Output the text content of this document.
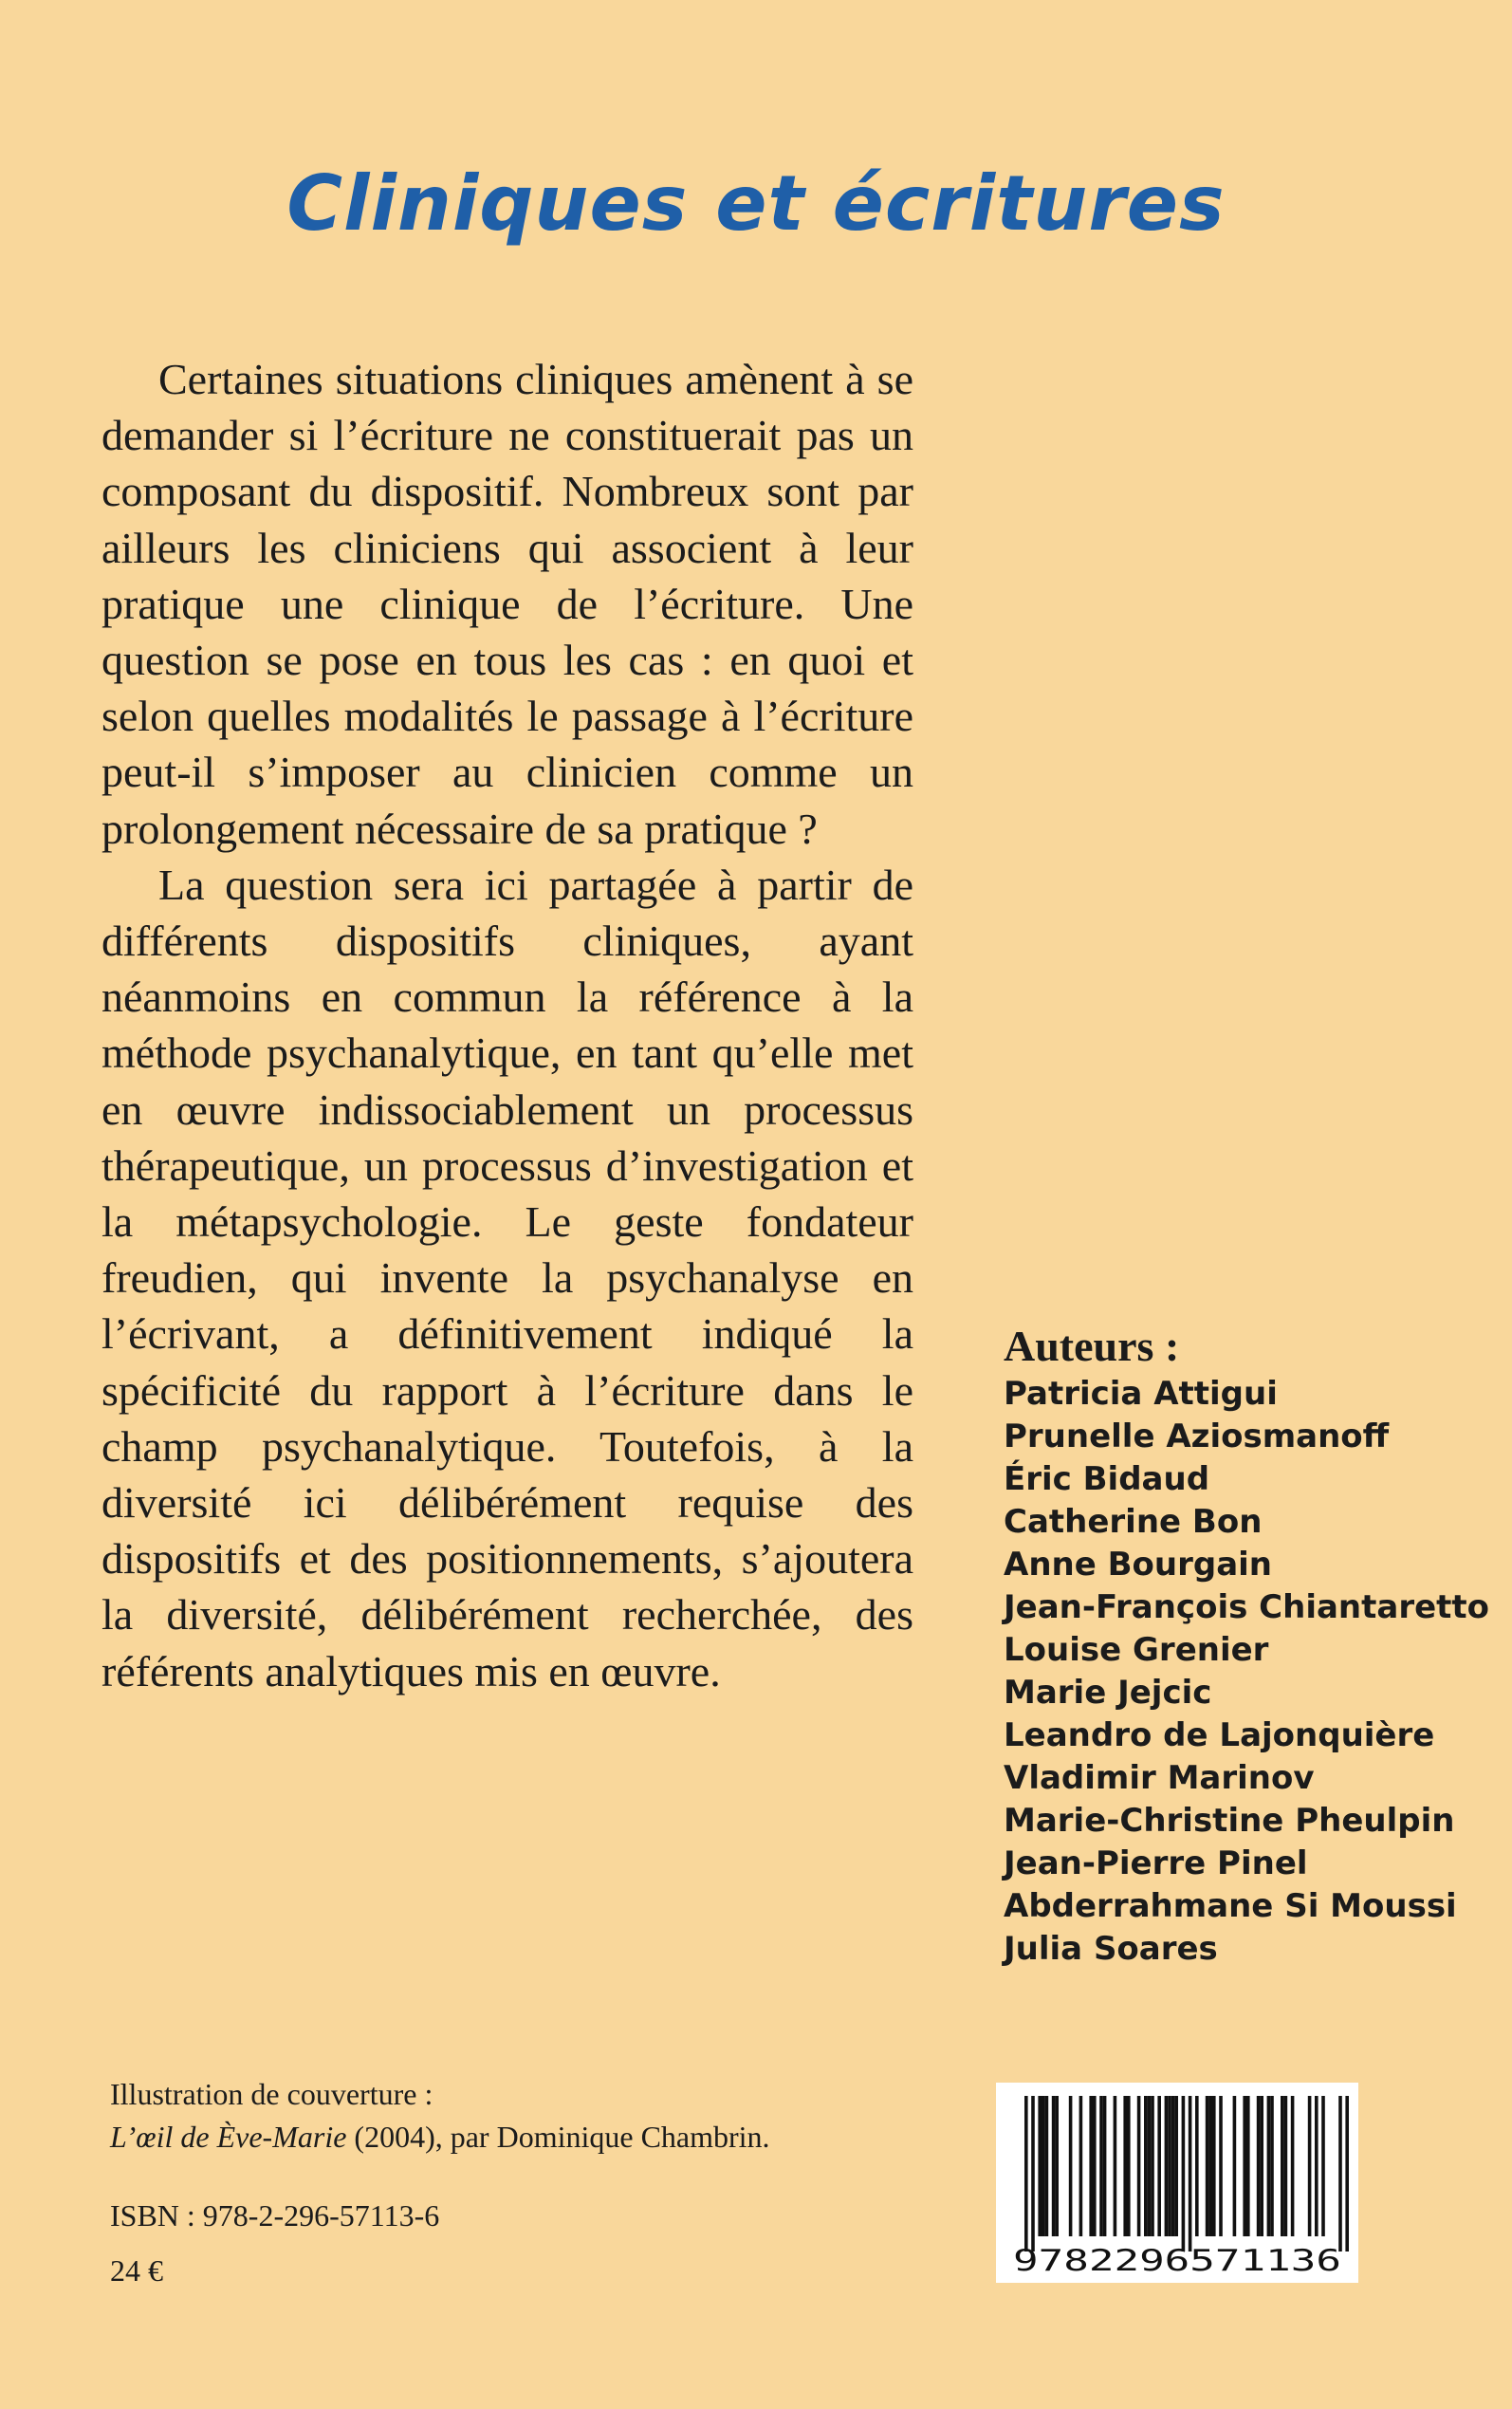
Cliniques et écritures

Certaines situations cliniques amènent à se demander si l’écriture ne constituerait pas un composant du dispositif. Nombreux sont par ailleurs les cliniciens qui associent à leur pratique une clinique de l’écriture. Une question se pose en tous les cas : en quoi et selon quelles modalités le passage à l’écriture peut-il s’imposer au clinicien comme un prolongement nécessaire de sa pratique ?

La question sera ici partagée à partir de différents dispositifs cliniques, ayant néanmoins en commun la référence à la méthode psychanalytique, en tant qu’elle met en œuvre indissociablement un processus thérapeutique, un processus d’investigation et la métapsychologie. Le geste fondateur freudien, qui invente la psychanalyse en l’écrivant, a définitivement indiqué la spécificité du rapport à l’écriture dans le champ psychanalytique. Toutefois, à la diversité ici délibérément requise des dispositifs et des positionnements, s’ajoutera la diversité, délibérément recherchée, des référents analytiques mis en œuvre.

Auteurs :
Patricia Attigui
Prunelle Aziosmanoff
Éric Bidaud
Catherine Bon
Anne Bourgain
Jean-François Chiantaretto
Louise Grenier
Marie Jejcic
Leandro de Lajonquière
Vladimir Marinov
Marie-Christine Pheulpin
Jean-Pierre Pinel
Abderrahmane Si Moussi
Julia Soares
Illustration de couverture :
L’œil de Ève-Marie (2004), par Dominique Chambrin.
ISBN : 978-2-296-57113-6
24 €	9782296571136
